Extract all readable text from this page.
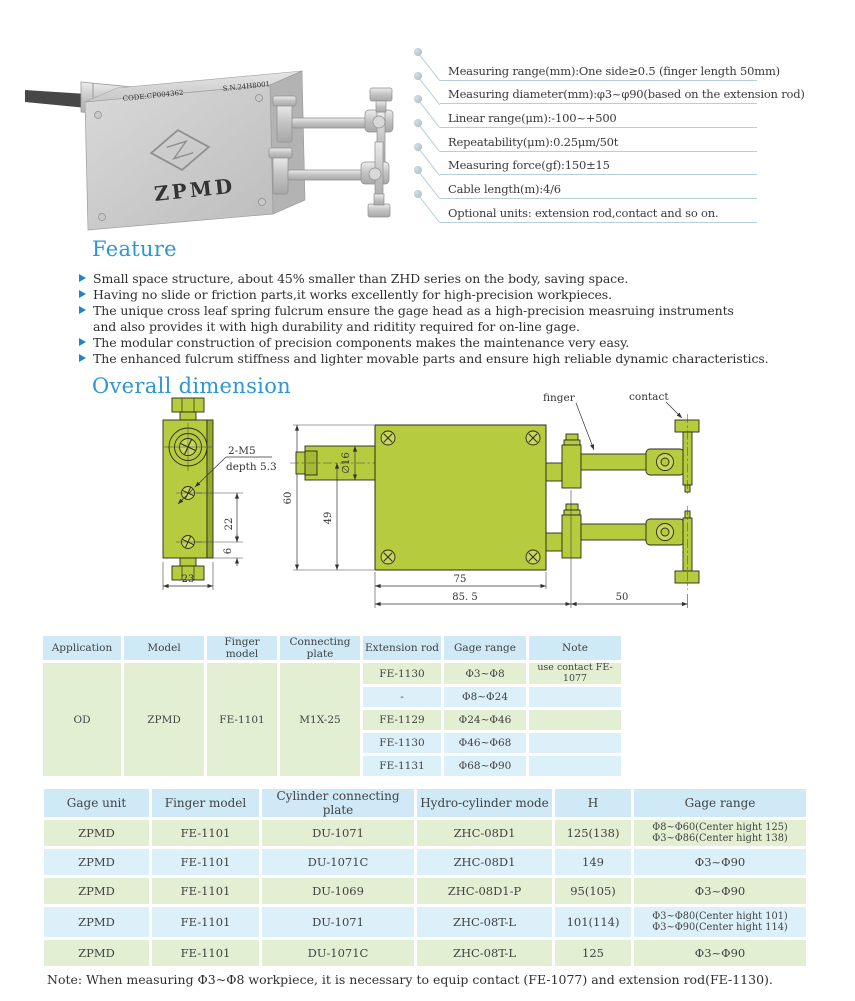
CODE:CP004362
S.N.24H8001
ZPMD
Measuring range(mm):One side≥0.5 (finger length 50mm)
Measuring diameter(mm):φ3~φ90(based on the extension rod)
Linear range(μm):-100~+500
Repeatability(μm):0.25μm/50t
Measuring force(gf):150±15
Cable length(m):4/6
Optional units: extension rod,contact and so on.
Feature
Small space structure, about 45% smaller than ZHD series on the body, saving space.
Having no slide or friction parts,it works excellently for high-precision workpieces.
The unique cross leaf spring fulcrum ensure the gage head as a high-precision measruing instruments
and also provides it with high durability and riditity required for on-line gage.
The modular construction of precision components makes the maintenance very easy.
The enhanced fulcrum stiffness and lighter movable parts and ensure high reliable dynamic characteristics.
Overall dimension
2-M5
depth 5.3
22
6
23
60
∅16
49
finger	contact
75
85. 5	50
Application	Model	Finger model	Connecting plate	Extension rod	Gage range	Note
OD	ZPMD	FE-1101	M1X-25	FE-1130	Φ3~Φ8	use contact FE-1077
				-	Φ8~Φ24	
				FE-1129	Φ24~Φ46	
				FE-1130	Φ46~Φ68	
				FE-1131	Φ68~Φ90	
Gage unit	Finger model	Cylinder connecting plate	Hydro-cylinder mode	H	Gage range
ZPMD	FE-1101	DU-1071	ZHC-08D1	125(138)	Φ8~Φ60(Center hight 125)
Φ3~Φ86(Center hight 138)

ZPMD	FE-1101	DU-1071C	ZHC-08D1	149	Φ3~Φ90
ZPMD	FE-1101	DU-1069	ZHC-08D1-P	95(105)	Φ3~Φ90
ZPMD	FE-1101	DU-1071	ZHC-08T-L	101(114)	Φ3~Φ80(Center hight 101)
Φ3~Φ90(Center hight 114)

ZPMD	FE-1101	DU-1071C	ZHC-08T-L	125	Φ3~Φ90
Note: When measuring Φ3~Φ8 workpiece, it is necessary to equip contact (FE-1077) and extension rod(FE-1130).
